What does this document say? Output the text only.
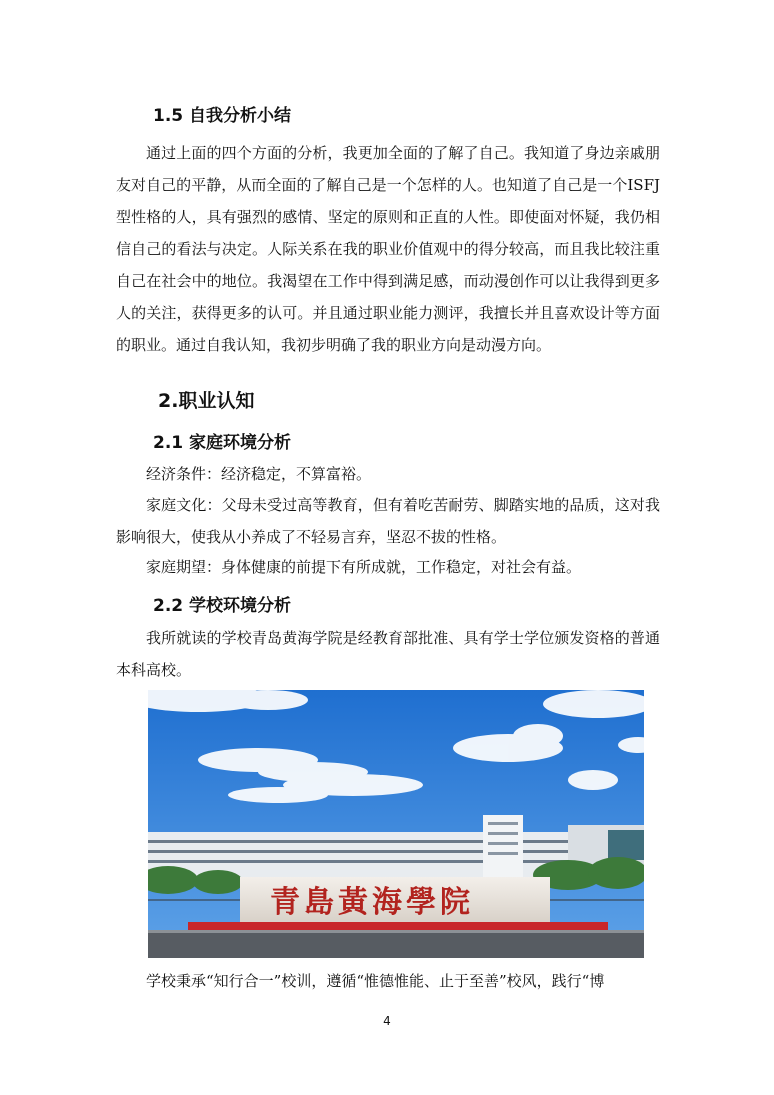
1.5 自我分析小结

通过上面的四个方面的分析，我更加全面的了解了自己。我知道了身边亲戚朋友对自己的平静，从而全面的了解自己是一个怎样的人。也知道了自己是一个ISFJ 型性格的人，具有强烈的感情、坚定的原则和正直的人性。即使面对怀疑，我仍相信自己的看法与决定。人际关系在我的职业价值观中的得分较高，而且我比较注重自己在社会中的地位。我渴望在工作中得到满足感，而动漫创作可以让我得到更多人的关注，获得更多的认可。并且通过职业能力测评，我擅长并且喜欢设计等方面的职业。通过自我认知，我初步明确了我的职业方向是动漫方向。

2.职业认知
2.1 家庭环境分析
经济条件：经济稳定，不算富裕。

家庭文化：父母未受过高等教育，但有着吃苦耐劳、脚踏实地的品质，这对我影响很大，使我从小养成了不轻易言弃，坚忍不拔的性格。

家庭期望：身体健康的前提下有所成就，工作稳定，对社会有益。
2.2 学校环境分析

我所就读的学校青岛黄海学院是经教育部批准、具有学士学位颁发资格的普通本科高校。

青島黃海學院
学校秉承“知行合一”校训，遵循“惟德惟能、止于至善”校风，践行“博
4
